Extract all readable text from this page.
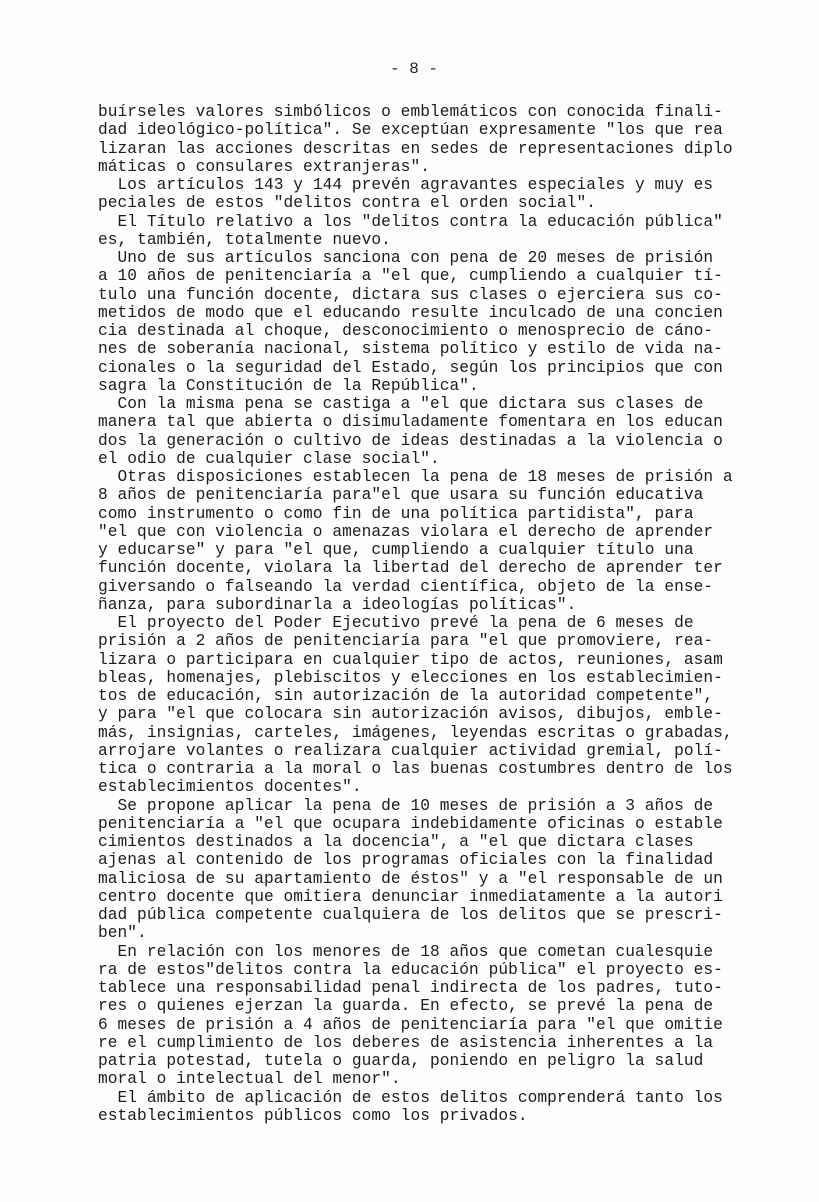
- 8 -
buírseles valores simbólicos o emblemáticos con conocida finali-
dad ideológico-política". Se exceptúan expresamente "los que rea
lizaran las acciones descritas en sedes de representaciones diplo
máticas o consulares extranjeras".
Los artículos 143 y 144 prevén agravantes especiales y muy es
peciales de estos "delitos contra el orden social".
El Título relativo a los "delitos contra la educación pública"
es, también, totalmente nuevo.
Uno de sus artículos sanciona con pena de 20 meses de prisión
a 10 años de penitenciaría a "el que, cumpliendo a cualquier tí-
tulo una función docente, dictara sus clases o ejerciera sus co-
metidos de modo que el educando resulte inculcado de una concien
cia destinada al choque, desconocimiento o menosprecio de cáno-
nes de soberanía nacional, sistema político y estilo de vida na-
cionales o la seguridad del Estado, según los principios que con
sagra la Constitución de la República".
Con la misma pena se castiga a "el que dictara sus clases de
manera tal que abierta o disimuladamente fomentara en los educan
dos la generación o cultivo de ideas destinadas a la violencia o
el odio de cualquier clase social".
Otras disposiciones establecen la pena de 18 meses de prisión a
8 años de penitenciaría para"el que usara su función educativa
como instrumento o como fin de una política partidista", para
"el que con violencia o amenazas violara el derecho de aprender
y educarse" y para "el que, cumpliendo a cualquier título una
función docente, violara la libertad del derecho de aprender ter
giversando o falseando la verdad científica, objeto de la ense-
ñanza, para subordinarla a ideologías políticas".
El proyecto del Poder Ejecutivo prevé la pena de 6 meses de
prisión a 2 años de penitenciaría para "el que promoviere, rea-
lizara o participara en cualquier tipo de actos, reuniones, asam
bleas, homenajes, plebiscitos y elecciones en los establecimien-
tos de educación, sin autorización de la autoridad competente",
y para "el que colocara sin autorización avisos, dibujos, emble-
más, insignias, carteles, imágenes, leyendas escritas o grabadas,
arrojare volantes o realizara cualquier actividad gremial, polí-
tica o contraria a la moral o las buenas costumbres dentro de los
establecimientos docentes".
Se propone aplicar la pena de 10 meses de prisión a 3 años de
penitenciaría a "el que ocupara indebidamente oficinas o estable
cimientos destinados a la docencia", a "el que dictara clases
ajenas al contenido de los programas oficiales con la finalidad
maliciosa de su apartamiento de éstos" y a "el responsable de un
centro docente que omitiera denunciar inmediatamente a la autori
dad pública competente cualquiera de los delitos que se prescri-
ben".
En relación con los menores de 18 años que cometan cualesquie
ra de estos"delitos contra la educación pública" el proyecto es-
tablece una responsabilidad penal indirecta de los padres, tuto-
res o quienes ejerzan la guarda. En efecto, se prevé la pena de
6 meses de prisión a 4 años de penitenciaría para "el que omitie
re el cumplimiento de los deberes de asistencia inherentes a la
patria potestad, tutela o guarda, poniendo en peligro la salud
moral o intelectual del menor".
El ámbito de aplicación de estos delitos comprenderá tanto los
establecimientos públicos como los privados.
